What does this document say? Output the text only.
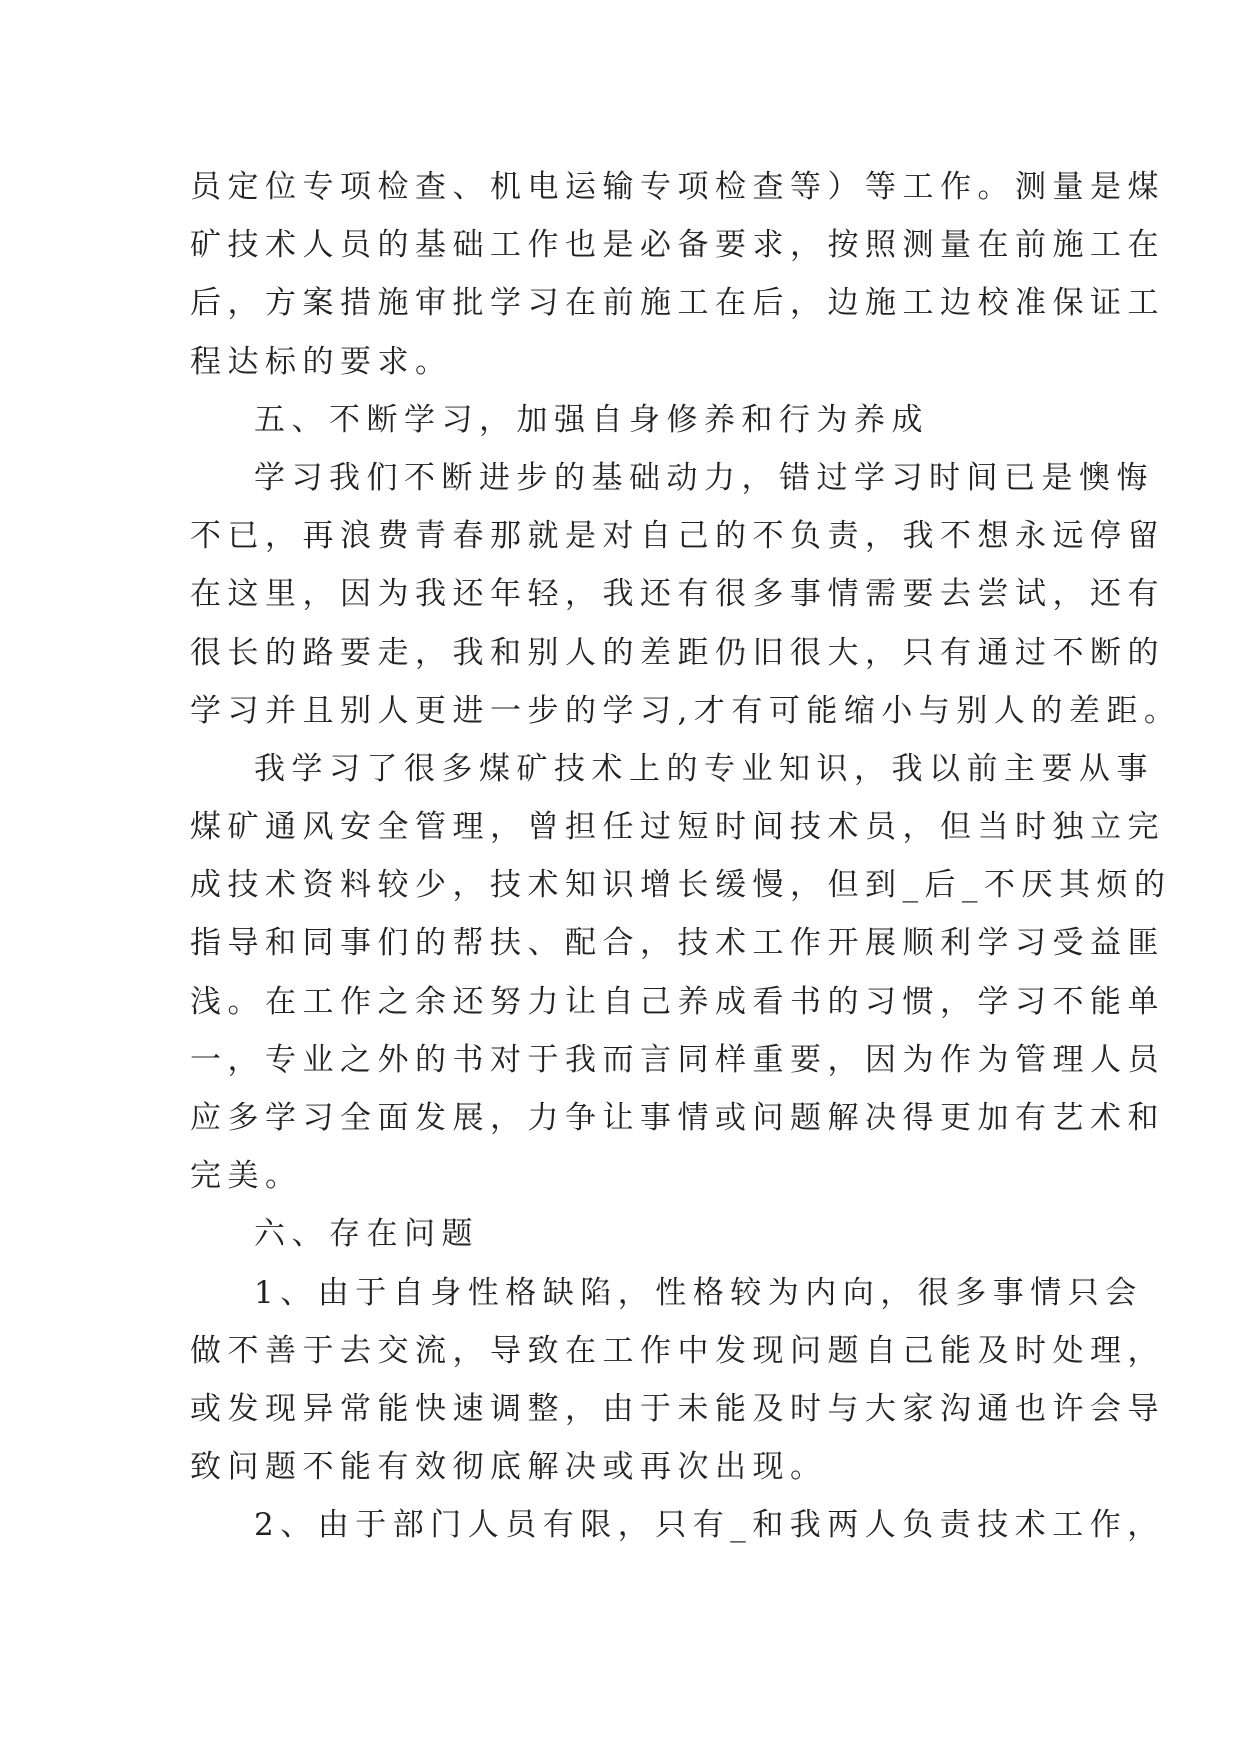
员定位专项检查、机电运输专项检查等）等工作。测量是煤
矿技术人员的基础工作也是必备要求，按照测量在前施工在
后，方案措施审批学习在前施工在后，边施工边校准保证工
程达标的要求。
五、不断学习，加强自身修养和行为养成
学习我们不断进步的基础动力，错过学习时间已是懊悔
不已，再浪费青春那就是对自己的不负责，我不想永远停留
在这里，因为我还年轻，我还有很多事情需要去尝试，还有
很长的路要走，我和别人的差距仍旧很大，只有通过不断的
学习并且别人更进一步的学习,才有可能缩小与别人的差距。
我学习了很多煤矿技术上的专业知识，我以前主要从事
煤矿通风安全管理，曾担任过短时间技术员，但当时独立完
成技术资料较少，技术知识增长缓慢，但到_后_不厌其烦的
指导和同事们的帮扶、配合，技术工作开展顺利学习受益匪
浅。在工作之余还努力让自己养成看书的习惯，学习不能单
一，专业之外的书对于我而言同样重要，因为作为管理人员
应多学习全面发展，力争让事情或问题解决得更加有艺术和
完美。
六、存在问题
1、由于自身性格缺陷，性格较为内向，很多事情只会
做不善于去交流，导致在工作中发现问题自己能及时处理，
或发现异常能快速调整，由于未能及时与大家沟通也许会导
致问题不能有效彻底解决或再次出现。
2、由于部门人员有限，只有_和我两人负责技术工作，
